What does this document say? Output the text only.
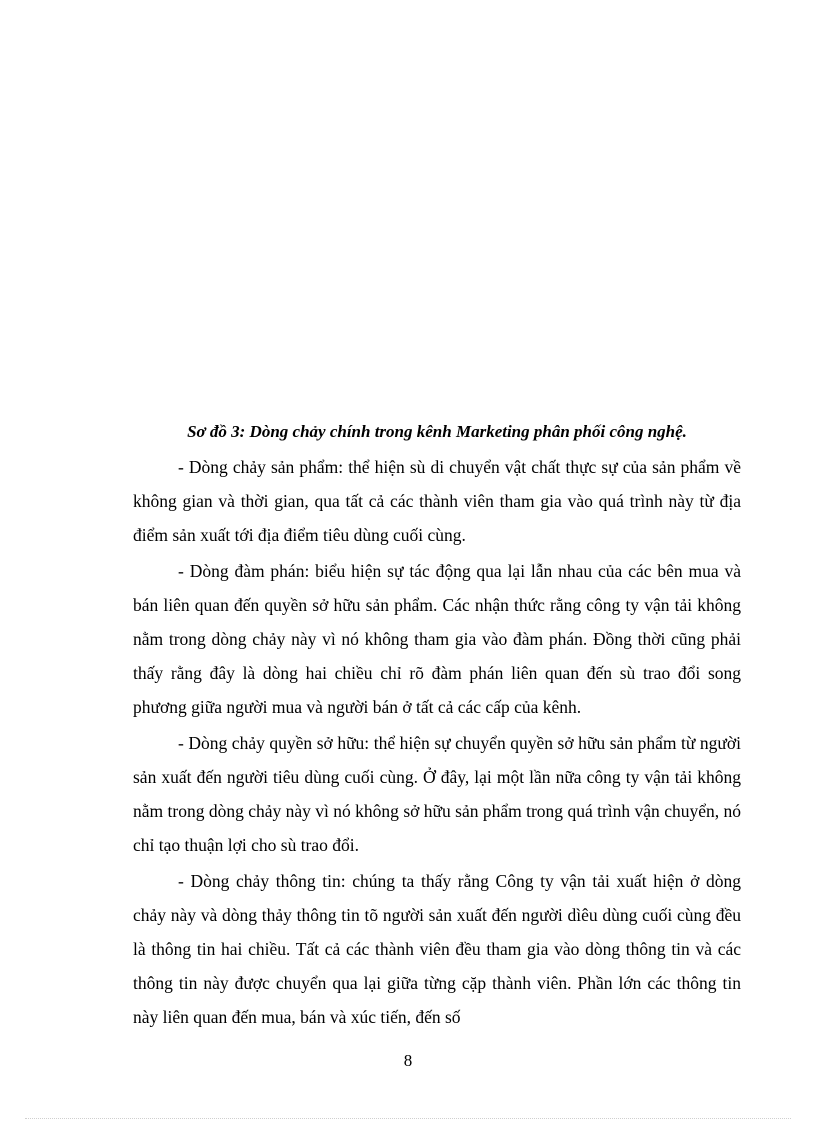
Sơ đồ 3: Dòng chảy chính trong kênh Marketing phân phối công nghệ.

- Dòng chảy sản phẩm: thể hiện sù di chuyển vật chất thực sự của sản phẩm về không gian và thời gian, qua tất cả các thành viên tham gia vào quá trình này từ địa điểm sản xuất tới địa điểm tiêu dùng cuối cùng.

- Dòng đàm phán: biểu hiện sự tác động qua lại lẫn nhau của các bên mua và bán liên quan đến quyền sở hữu sản phẩm. Các nhận thức rằng công ty vận tải không nằm trong dòng chảy này vì nó không tham gia vào đàm phán. Đồng thời cũng phải thấy rằng đây là dòng hai chiều chỉ rõ đàm phán liên quan đến sù trao đổi song phương giữa người mua và người bán ở tất cả các cấp của kênh.

- Dòng chảy quyền sở hữu: thể hiện sự chuyển quyền sở hữu sản phẩm từ người sản xuất đến người tiêu dùng cuối cùng. Ở đây, lại một lần nữa công ty vận tải không nằm trong dòng chảy này vì nó không sở hữu sản phẩm trong quá trình vận chuyển, nó chỉ tạo thuận lợi cho sù trao đổi.

- Dòng chảy thông tin: chúng ta thấy rằng Công ty vận tải xuất hiện ở dòng chảy này và dòng thảy thông tin tõ người sản xuất đến người dìêu dùng cuối cùng đều là thông tin hai chiều. Tất cả các thành viên đều tham gia vào dòng thông tin và các thông tin này được chuyển qua lại giữa từng cặp thành viên. Phần lớn các thông tin này liên quan đến mua, bán và xúc tiến, đến số

8
